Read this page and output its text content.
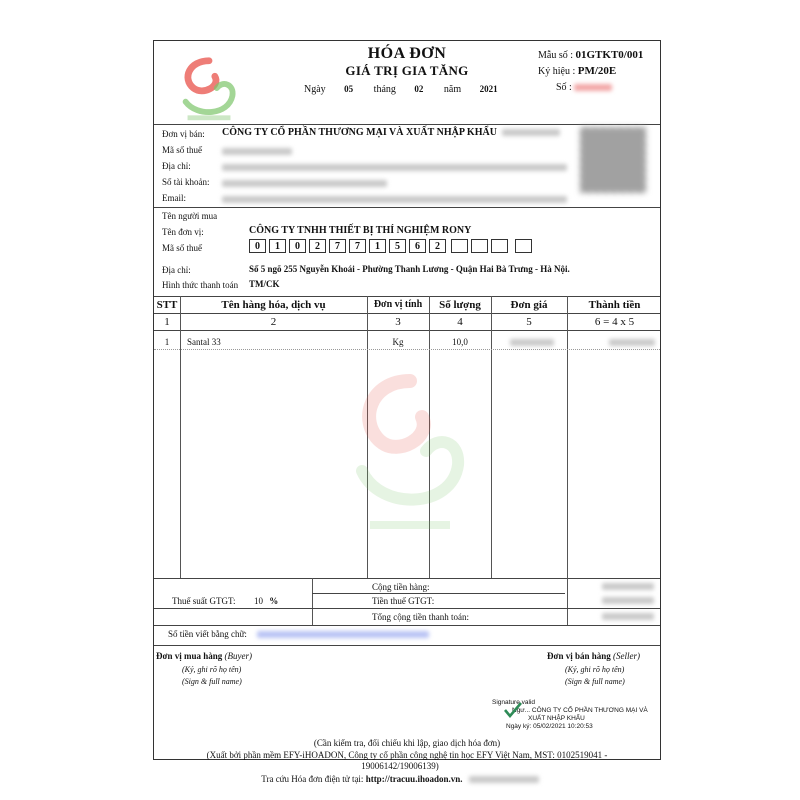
HÓA ĐƠN
GIÁ TRỊ GIA TĂNG
Ngày 05 tháng 02 năm 2021
Mẫu số : 01GTKT0/001
Ký hiệu : PM/20E
Số :
Đơn vị bán: CÔNG TY CỔ PHẦN THƯƠNG MẠI VÀ XUẤT NHẬP KHẨU
Mã số thuế
Địa chỉ:
Số tài khoản:
Email:
Tên người mua
Tên đơn vị:	CÔNG TY TNHH THIẾT BỊ THÍ NGHIỆM RONY
Mã số thuế	0	1	0	2	7	7	1	5	6	2
Địa chỉ:	Số 5 ngõ 255 Nguyễn Khoái - Phường Thanh Lương - Quận Hai Bà Trưng - Hà Nội.
Hình thức thanh toán TM/CK
STT	Tên hàng hóa, dịch vụ	Đơn vị tính	Số lượng	Đơn giá	Thành tiền
1	2	3	4	5	6 = 4 x 5
1	Santal 33	Kg	10,0
Cộng tiền hàng:
Thuế suất GTGT: 10 %	Tiền thuế GTGT:
Tổng cộng tiền thanh toán:
Số tiền viết bằng chữ:
Đơn vị mua hàng (Buyer)
(Ký, ghi rõ họ tên)
(Sign & full name)
Đơn vị bán hàng (Seller)
(Ký, ghi rõ họ tên)
(Sign & full name)
Signature valid
Ngư... CÔNG TY CỔ PHẦN THƯƠNG MẠI VÀ
XUẤT NHẬP KHẨU
Ngày ký: 05/02/2021 10:20:53
(Cần kiểm tra, đối chiếu khi lập, giao dịch hóa đơn)
(Xuất bởi phần mềm EFY-iHOADON, Công ty cổ phần công nghệ tin học EFY Việt Nam, MST: 0102519041 -
19006142/19006139)
Tra cứu Hóa đơn điện tử tại: http://tracuu.ihoadon.vn.
